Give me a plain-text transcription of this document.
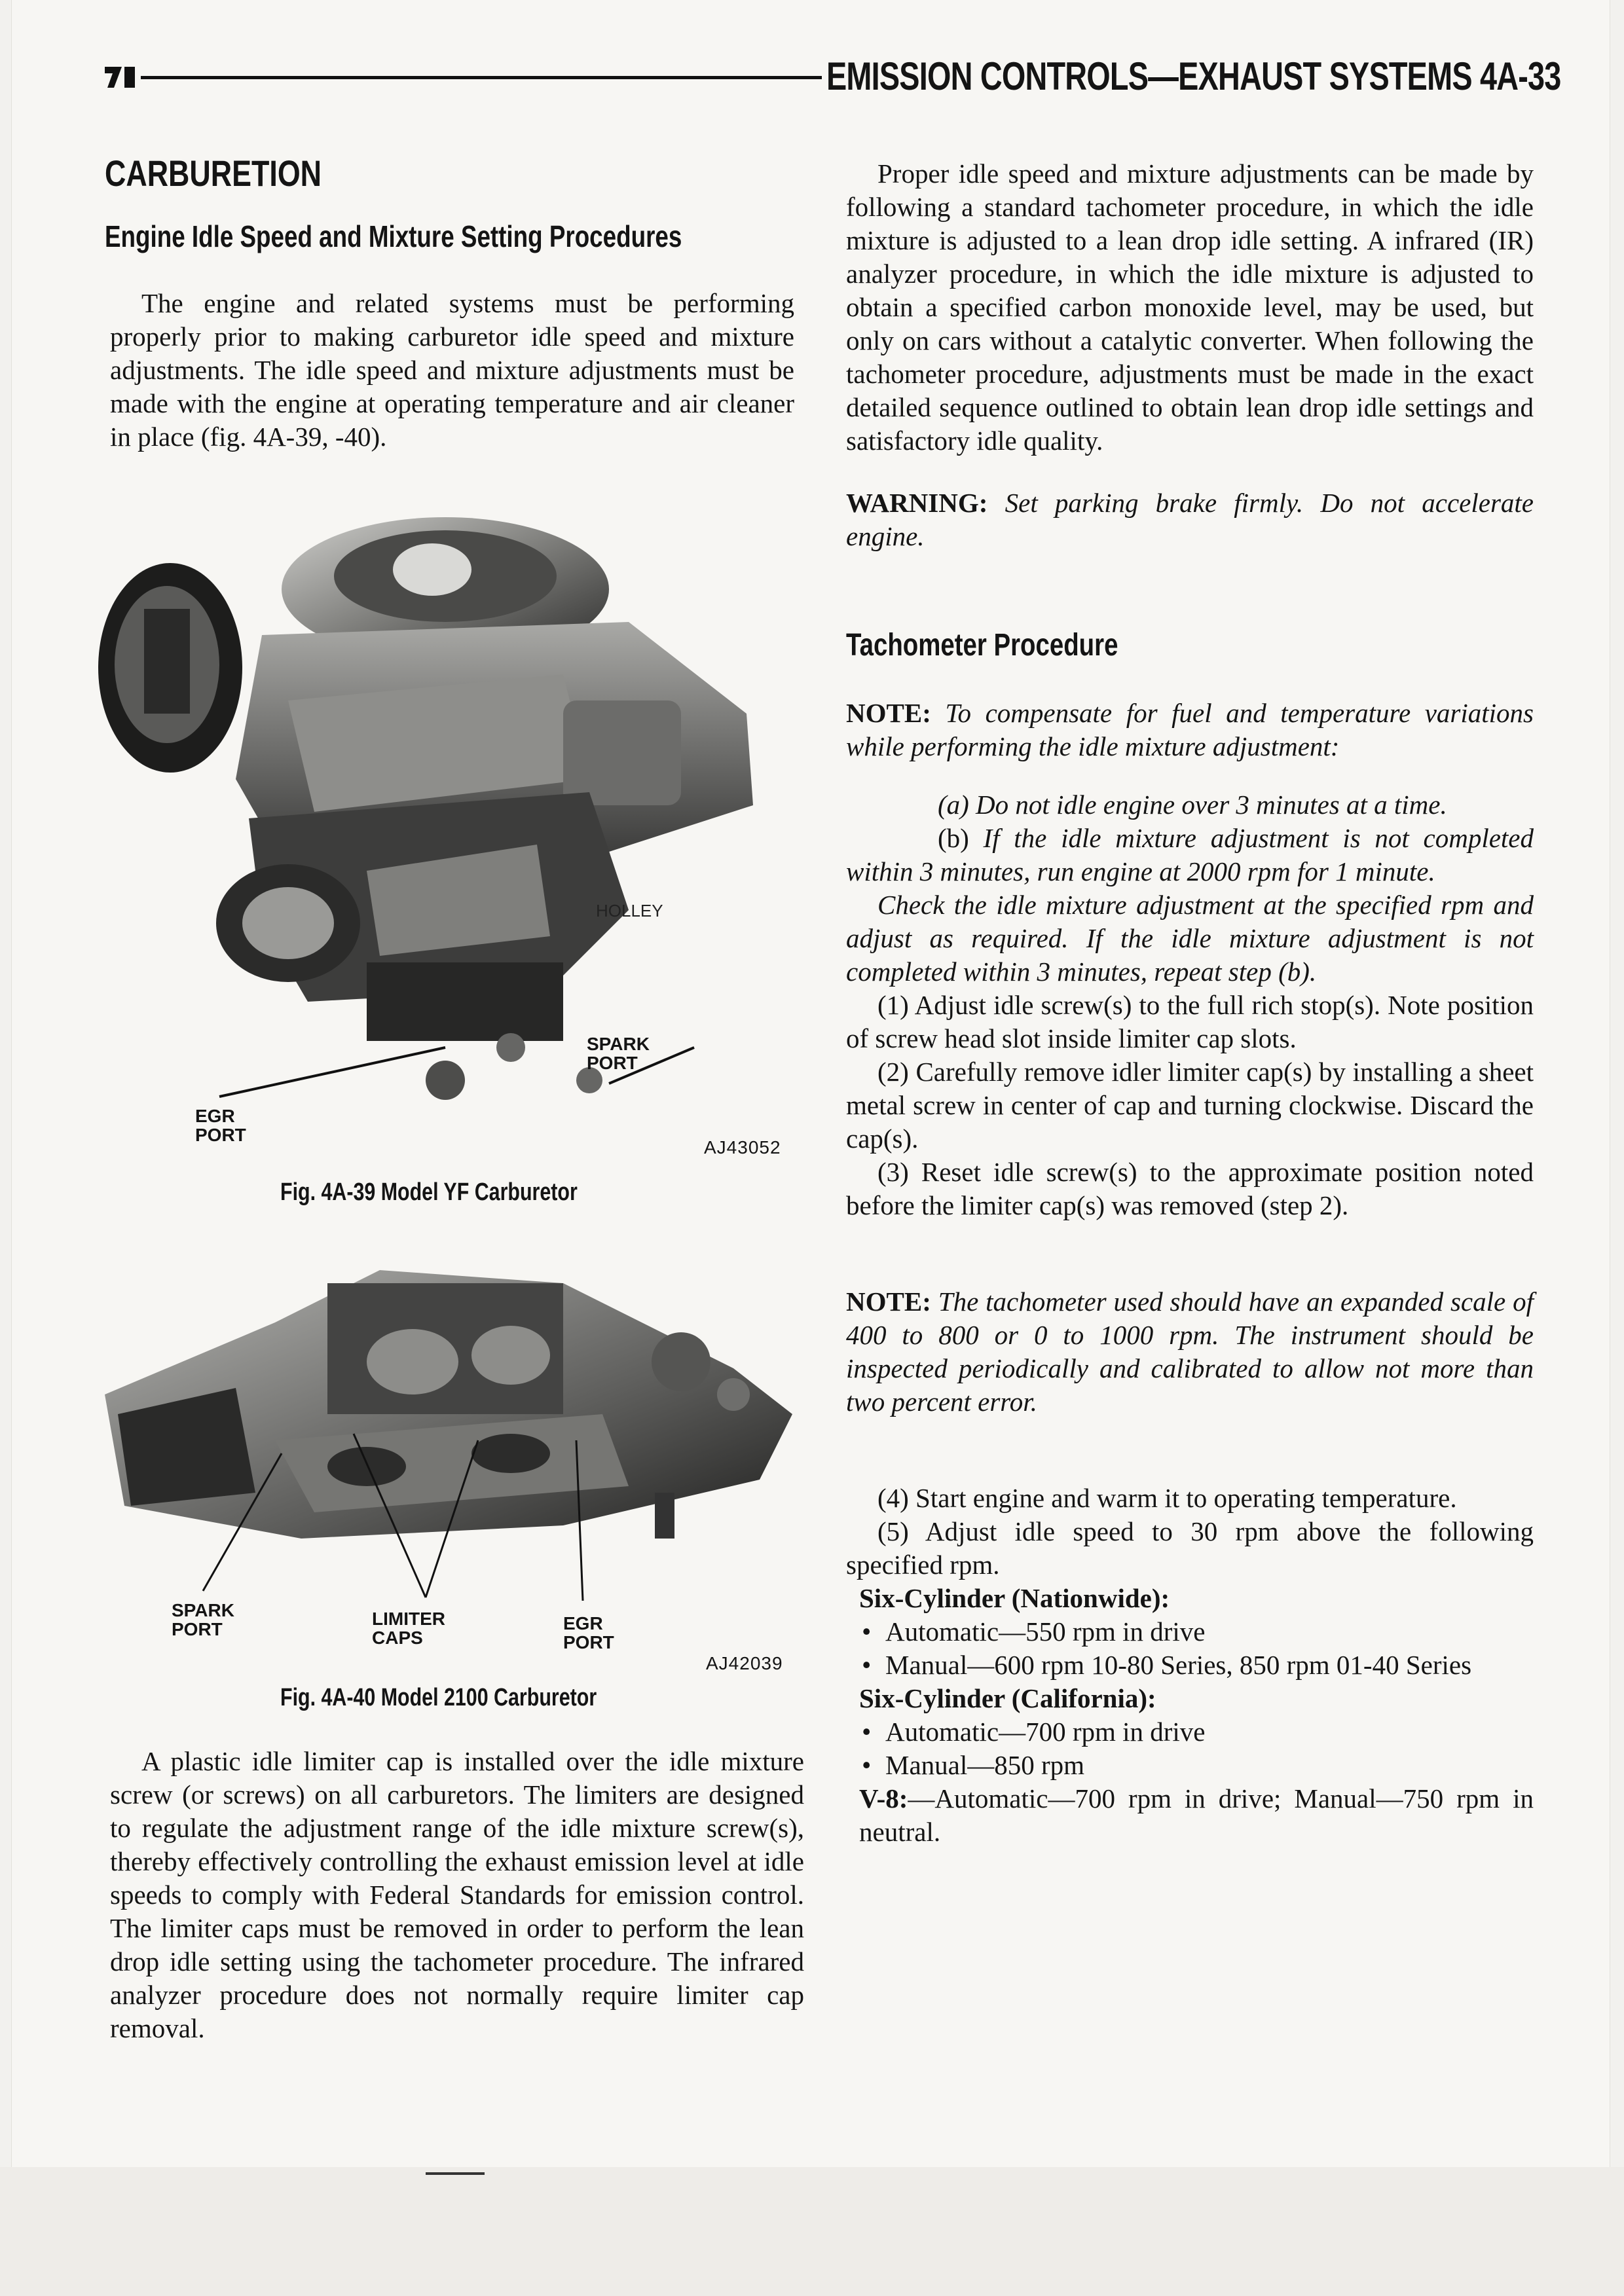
EMISSION CONTROLS—EXHAUST SYSTEMS 4A-33
CARBURETION
Engine Idle Speed and Mixture Setting Procedures

The engine and related systems must be performing properly prior to making carburetor idle speed and mixture adjustments. The idle speed and mixture adjustments must be made with the engine at operating temperature and air cleaner in place (fig. 4A-39, -40).

HOLLEY
SPARK
PORT
EGR
PORT
AJ43052
Fig. 4A-39 Model YF Carburetor
SPARK
PORT
LIMITER
CAPS
EGR
PORT
AJ42039
Fig. 4A-40 Model 2100 Carburetor

A plastic idle limiter cap is installed over the idle mixture screw (or screws) on all carburetors. The limiters are designed to regulate the adjustment range of the idle mixture screw(s), thereby effectively controlling the exhaust emission level at idle speeds to comply with Federal Standards for emission control. The limiter caps must be removed in order to perform the lean drop idle setting using the tachometer procedure. The infrared analyzer procedure does not normally require limiter cap removal.

Proper idle speed and mixture adjustments can be made by following a standard tachometer procedure, in which the idle mixture is adjusted to a lean drop idle setting. A infrared (IR) analyzer procedure, in which the idle mixture is adjusted to obtain a specified carbon monoxide level, may be used, but only on cars without a catalytic converter. When following the tachometer procedure, adjustments must be made in the exact detailed sequence outlined to obtain lean drop idle settings and satisfactory idle quality.

WARNING: Set parking brake firmly. Do not accelerate engine.

Tachometer Procedure

NOTE: To compensate for fuel and temperature variations while performing the idle mixture adjustment:

(a) Do not idle engine over 3 minutes at a time.

(b) If the idle mixture adjustment is not completed within 3 minutes, run engine at 2000 rpm for 1 minute.

Check the idle mixture adjustment at the specified rpm and adjust as required. If the idle mixture adjustment is not completed within 3 minutes, repeat step (b).

(1) Adjust idle screw(s) to the full rich stop(s). Note position of screw head slot inside limiter cap slots.

(2) Carefully remove idler limiter cap(s) by installing a sheet metal screw in center of cap and turning clockwise. Discard the cap(s).

(3) Reset idle screw(s) to the approximate position noted before the limiter cap(s) was removed (step 2).

NOTE: The tachometer used should have an expanded scale of 400 to 800 or 0 to 1000 rpm. The instrument should be inspected periodically and calibrated to allow not more than two percent error.

(4) Start engine and warm it to operating temperature.

(5) Adjust idle speed to 30 rpm above the following specified rpm.

Six-Cylinder (Nationwide):
• Automatic—550 rpm in drive
• Manual—600 rpm 10-80 Series, 850 rpm 01-40 Series
Six-Cylinder (California):
• Automatic—700 rpm in drive
• Manual—850 rpm

V-8:—Automatic—700 rpm in drive; Manual—750 rpm in neutral.
